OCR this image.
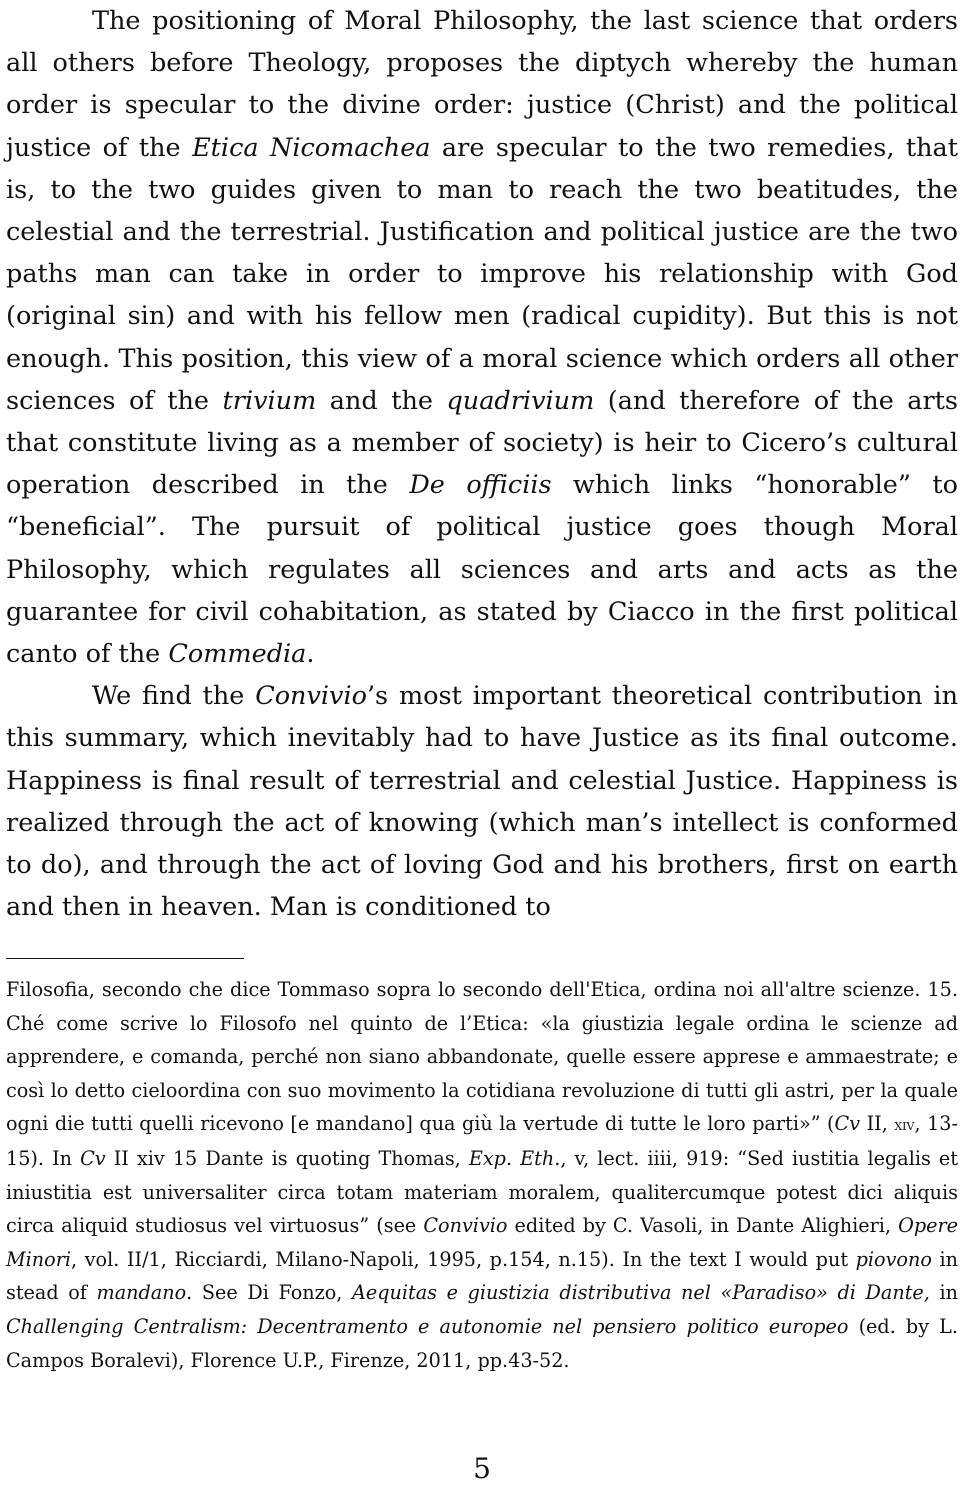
The positioning of Moral Philosophy, the last science that orders all others before Theology, proposes the diptych whereby the human order is specular to the divine order: justice (Christ) and the political justice of the Etica Nicomachea are specular to the two remedies, that is, to the two guides given to man to reach the two beatitudes, the celestial and the terrestrial. Justification and political justice are the two paths man can take in order to improve his relationship with God (original sin) and with his fellow men (radical cupidity). But this is not enough. This position, this view of a moral science which orders all other sciences of the trivium and the quadrivium (and therefore of the arts that constitute living as a member of society) is heir to Cicero’s cultural operation described in the De officiis which links “honorable” to “beneficial”. The pursuit of political justice goes though Moral Philosophy, which regulates all sciences and arts and acts as the guarantee for civil cohabitation, as stated by Ciacco in the first political canto of the Commedia.

We find the Convivio’s most important theoretical contribution in this summary, which inevitably had to have Justice as its final outcome. Happiness is final result of terrestrial and celestial Justice. Happiness is realized through the act of knowing (which man’s intellect is conformed to do), and through the act of loving God and his brothers, first on earth and then in heaven. Man is conditioned to

Filosofia, secondo che dice Tommaso sopra lo secondo dell'Etica, ordina noi all'altre scienze. 15. Ché come scrive lo Filosofo nel quinto de l’Etica: «la giustizia legale ordina le scienze ad apprendere, e comanda, perché non siano abbandonate, quelle essere apprese e ammaestrate; e così lo detto cieloordina con suo movimento la cotidiana revoluzione di tutti gli astri, per la quale ogni die tutti quelli ricevono [e mandano] qua giù la vertude di tutte le loro parti»” (Cv II, xiv, 13-15). In Cv II xiv 15 Dante is quoting Thomas, Exp. Eth., v, lect. iiii, 919: “Sed iustitia legalis et iniustitia est universaliter circa totam materiam moralem, qualitercumque potest dici aliquis circa aliquid studiosus vel virtuosus” (see Convivio edited by C. Vasoli, in Dante Alighieri, Opere Minori, vol. II/1, Ricciardi, Milano-Napoli, 1995, p.154, n.15). In the text I would put piovono in stead of mandano. See Di Fonzo, Aequitas e giustizia distributiva nel «Paradiso» di Dante, in Challenging Centralism: Decentramento e autonomie nel pensiero politico europeo (ed. by L. Campos Boralevi), Florence U.P., Firenze, 2011, pp.43-52.

5
